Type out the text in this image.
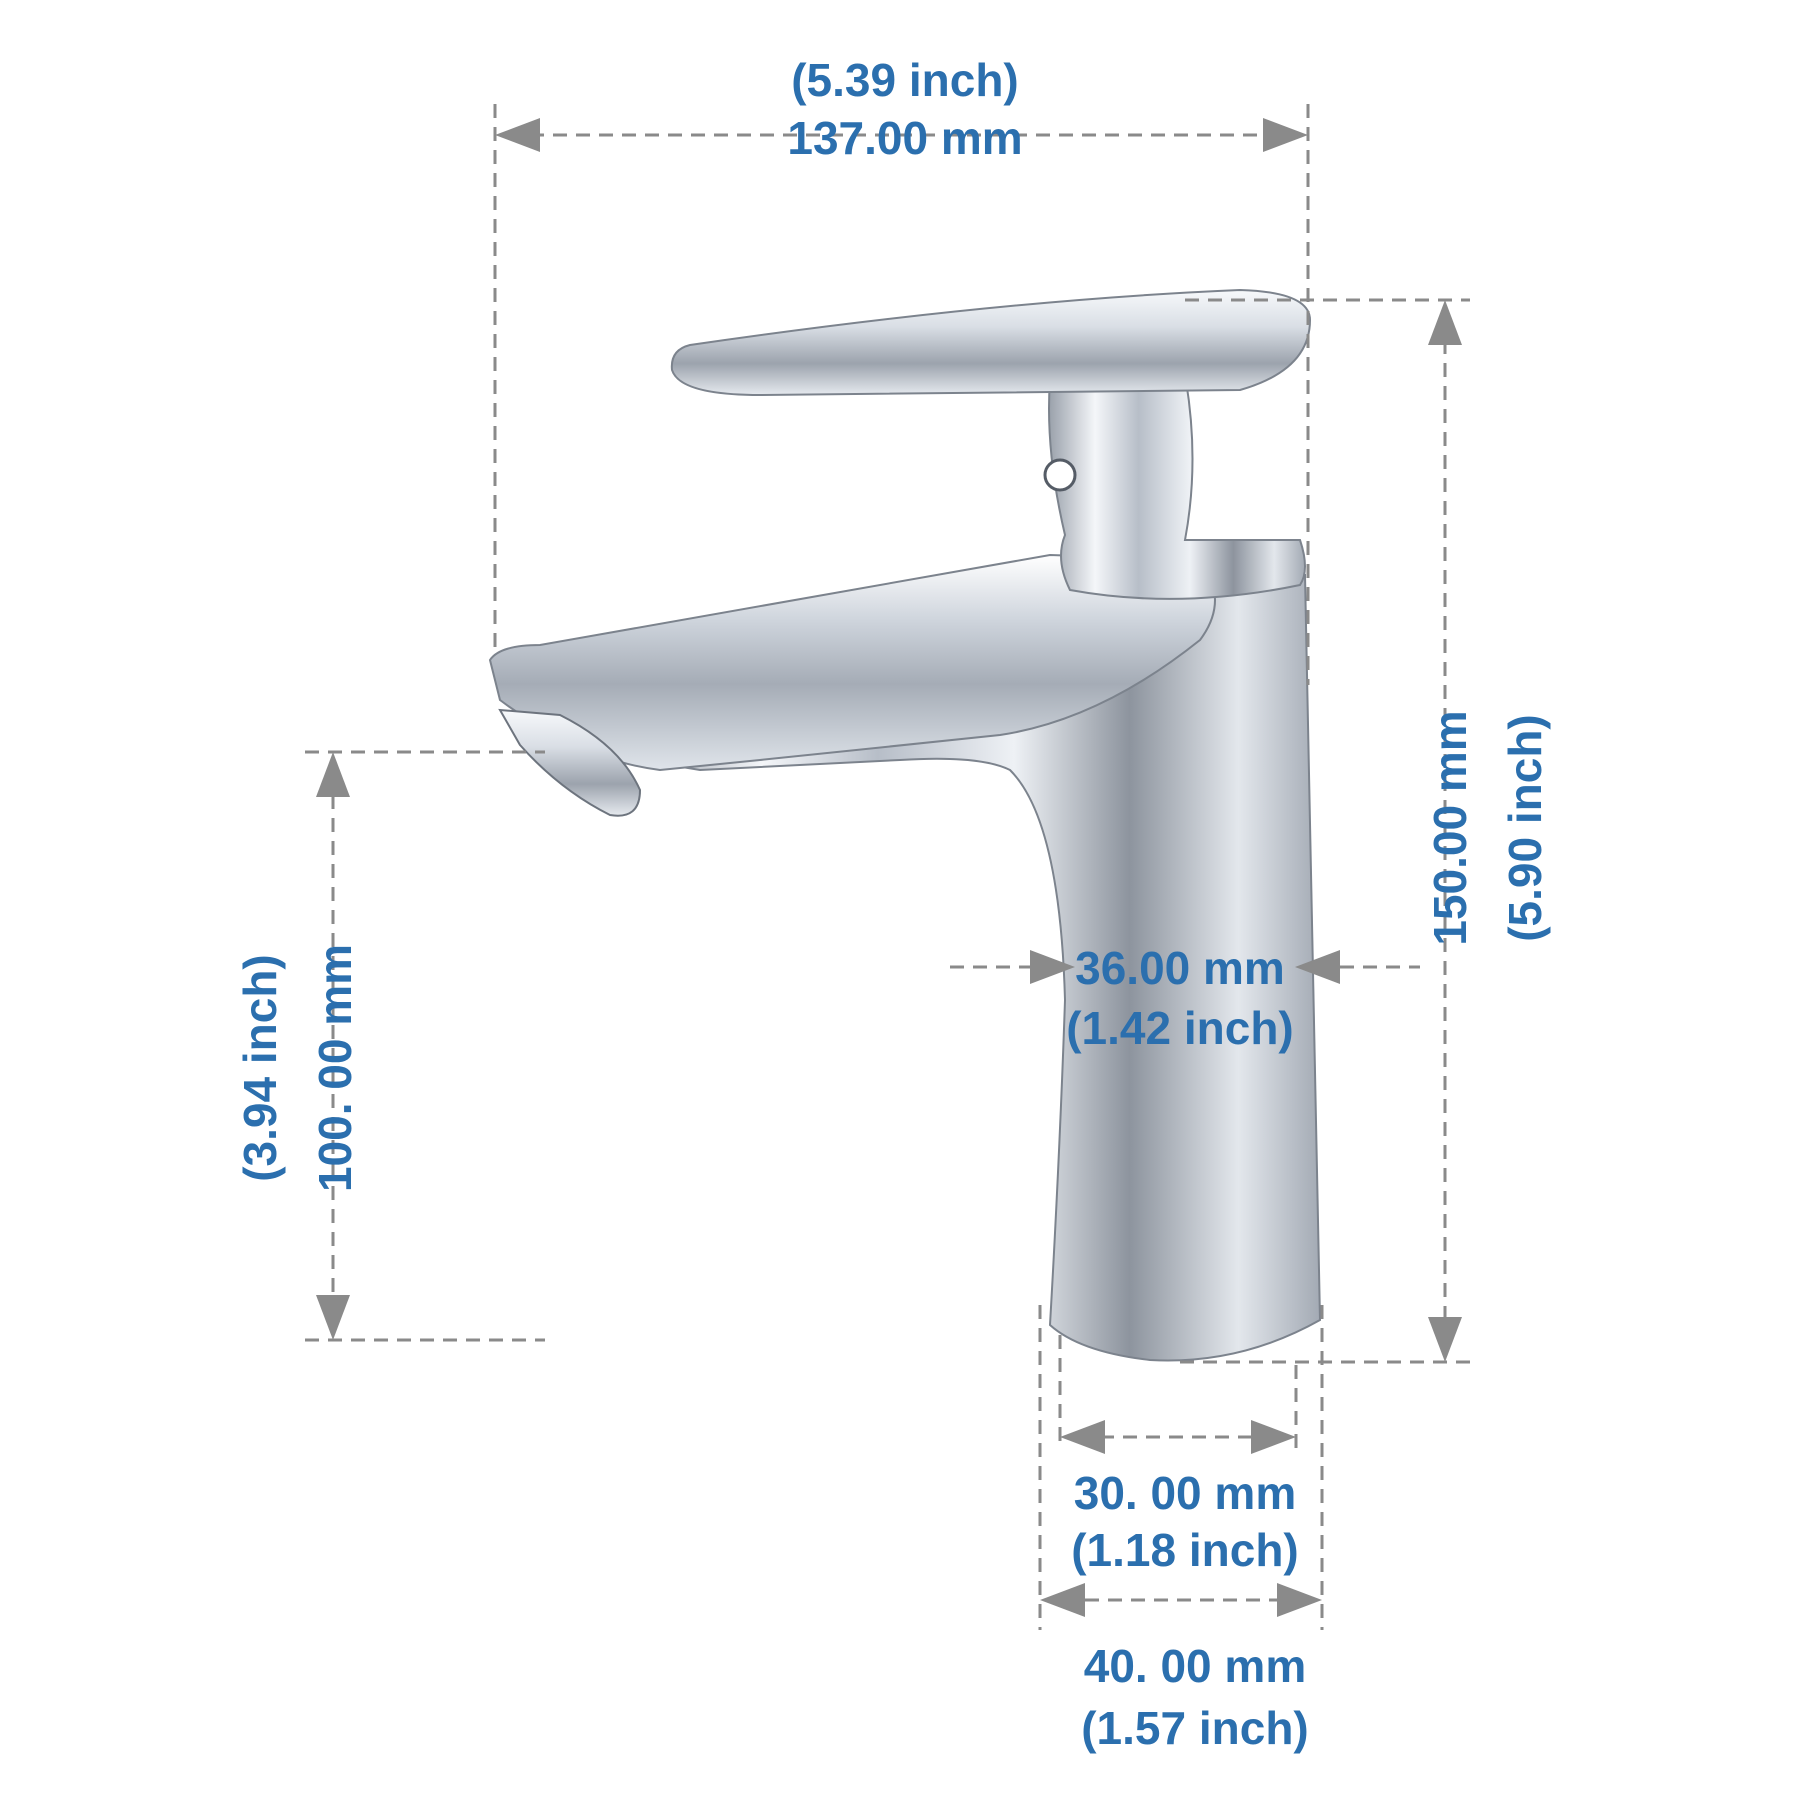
(5.39 inch)
137.00 mm
150.00 mm (5.90 inch)
(3.94 inch) 100. 00 mm	36.00 mm
(1.42 inch)
30. 00 mm
(1.18 inch)
40. 00 mm
(1.57 inch)
